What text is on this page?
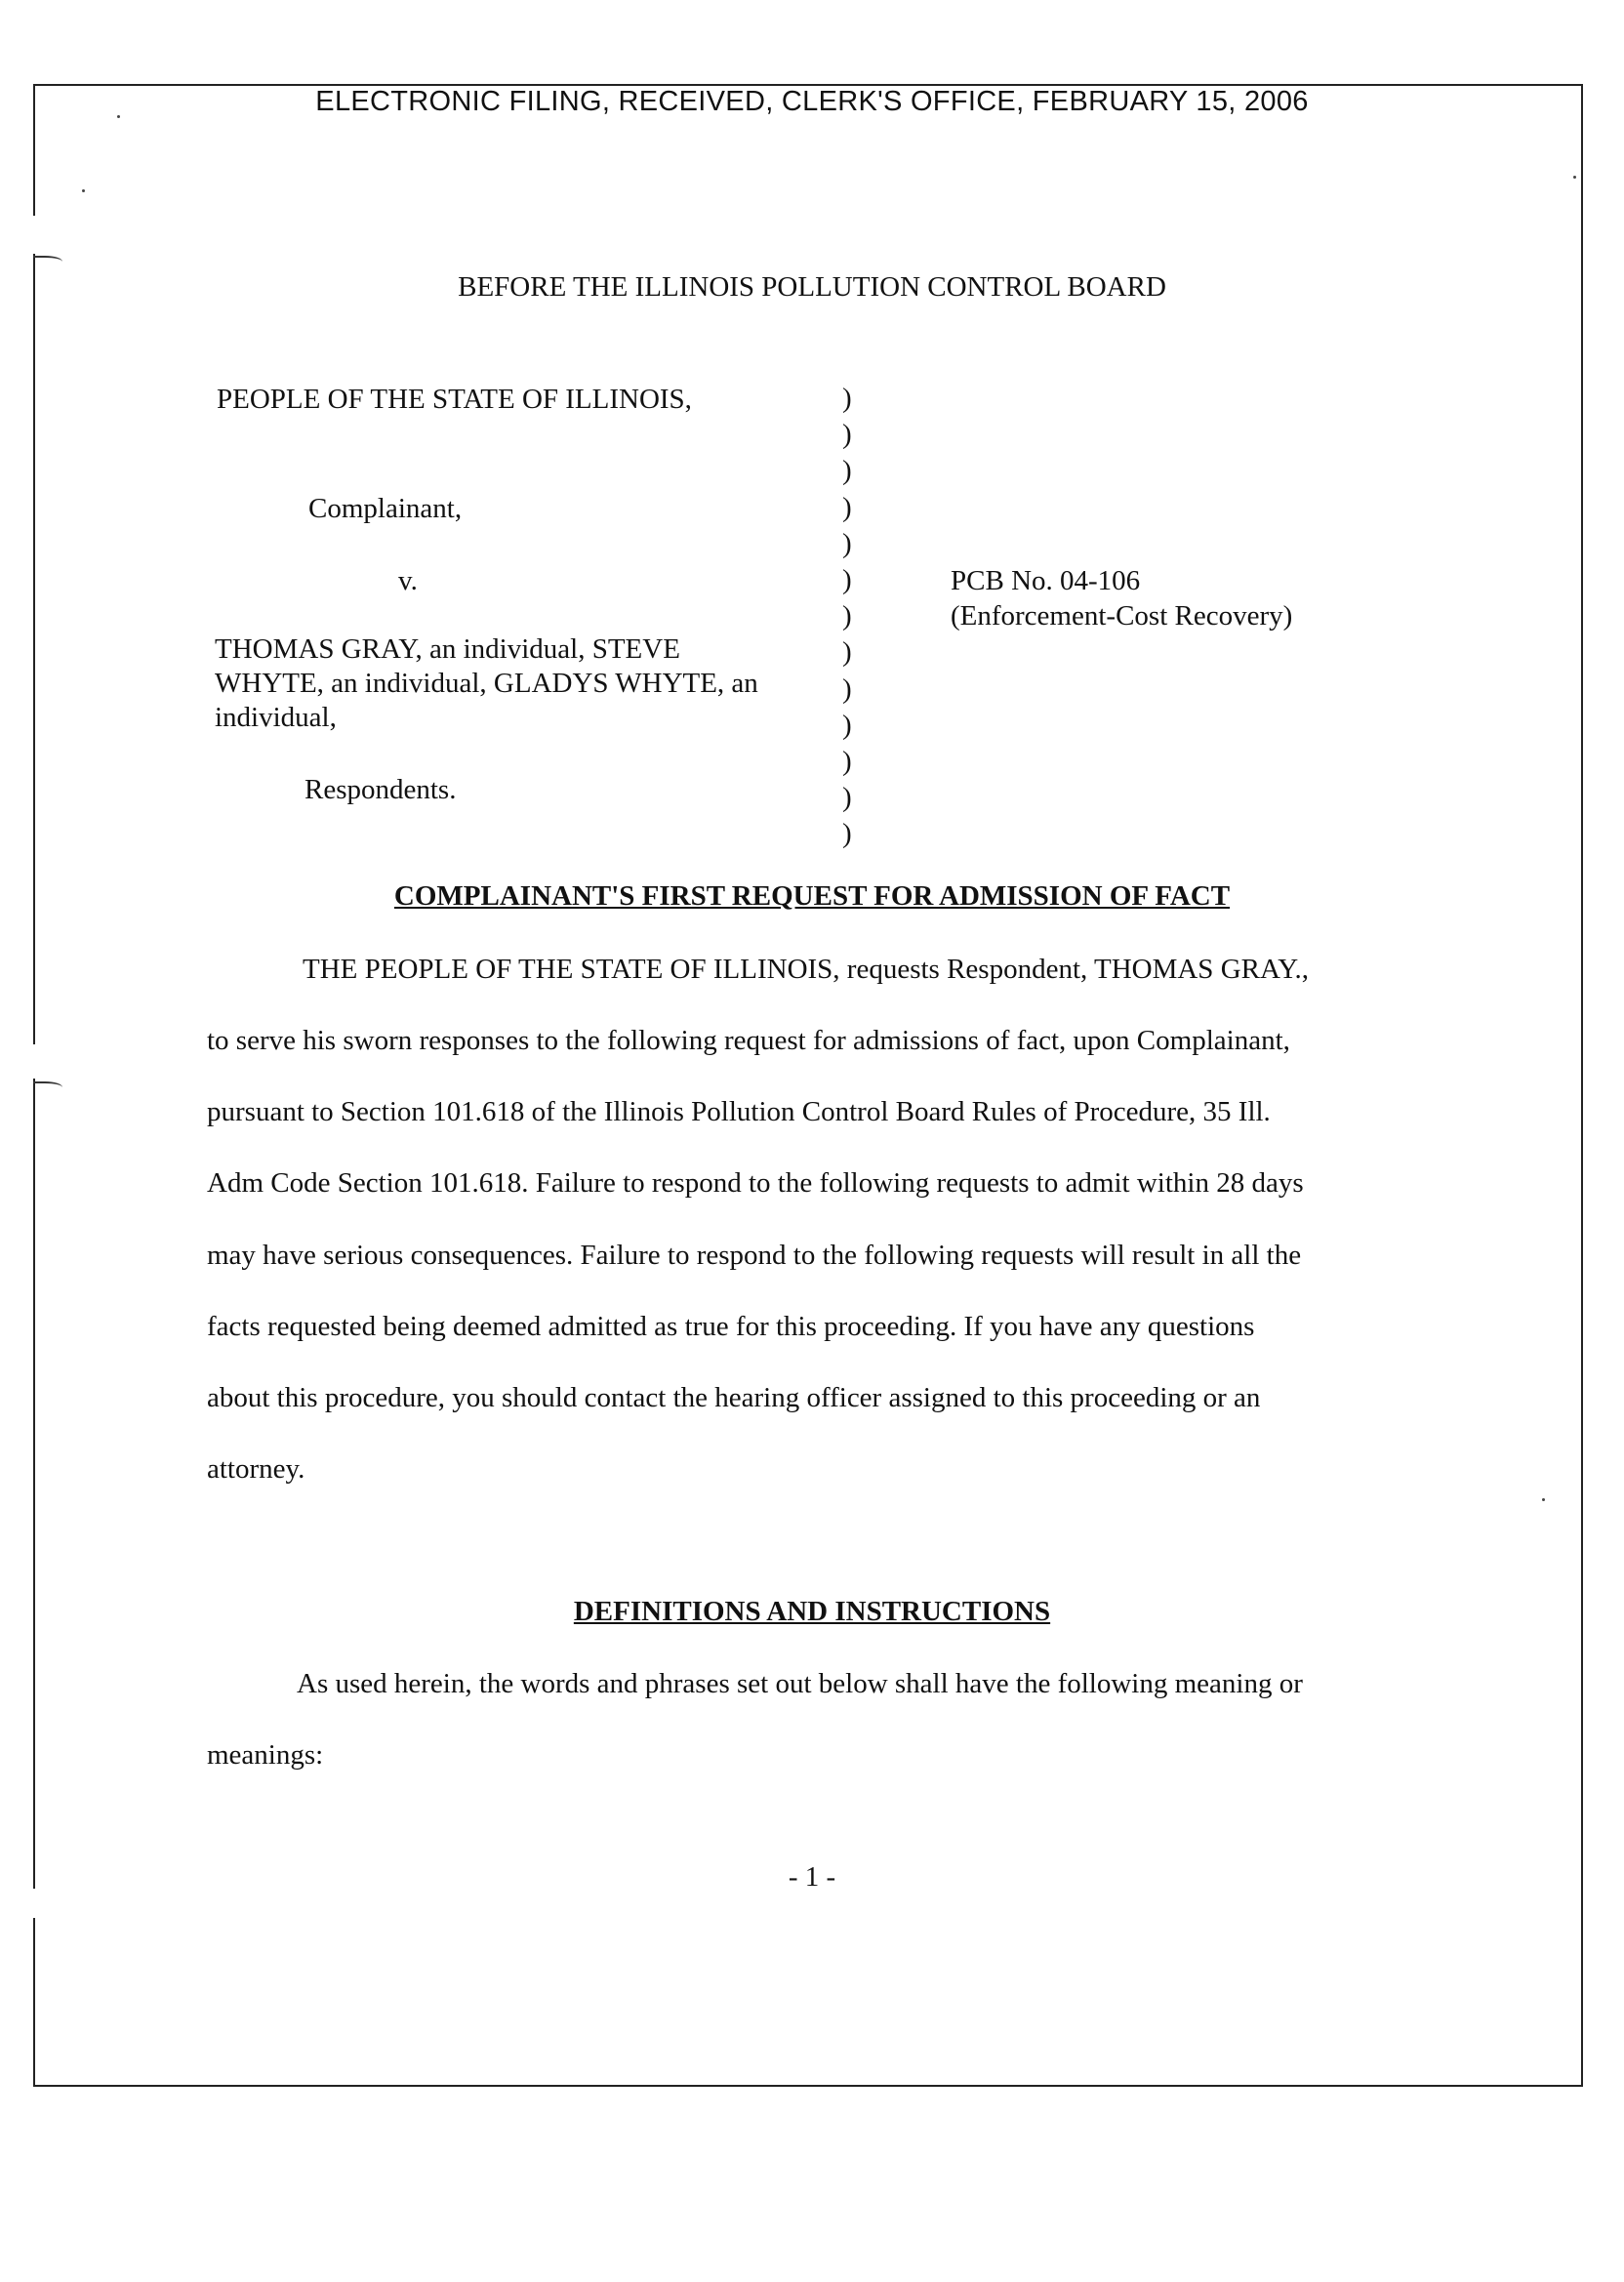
ELECTRONIC FILING, RECEIVED, CLERK'S OFFICE, FEBRUARY 15, 2006
BEFORE THE ILLINOIS POLLUTION CONTROL BOARD
PEOPLE OF THE STATE OF ILLINOIS,
Complainant,
v.
THOMAS GRAY, an individual, STEVE
WHYTE, an individual, GLADYS WHYTE, an
individual,
Respondents.
)
)
)
)
)
)
)
)
)
)
)
)
)
PCB No. 04-106
(Enforcement-Cost Recovery)
COMPLAINANT'S FIRST REQUEST FOR ADMISSION OF FACT
THE PEOPLE OF THE STATE OF ILLINOIS, requests Respondent, THOMAS GRAY.,
to serve his sworn responses to the following request for admissions of fact, upon Complainant,
pursuant to Section 101.618 of the Illinois Pollution Control Board Rules of Procedure, 35 Ill.
Adm Code Section 101.618. Failure to respond to the following requests to admit within 28 days
may have serious consequences. Failure to respond to the following requests will result in all the
facts requested being deemed admitted as true for this proceeding. If you have any questions
about this procedure, you should contact the hearing officer assigned to this proceeding or an
attorney.
DEFINITIONS AND INSTRUCTIONS
As used herein, the words and phrases set out below shall have the following meaning or
meanings:
- 1 -
